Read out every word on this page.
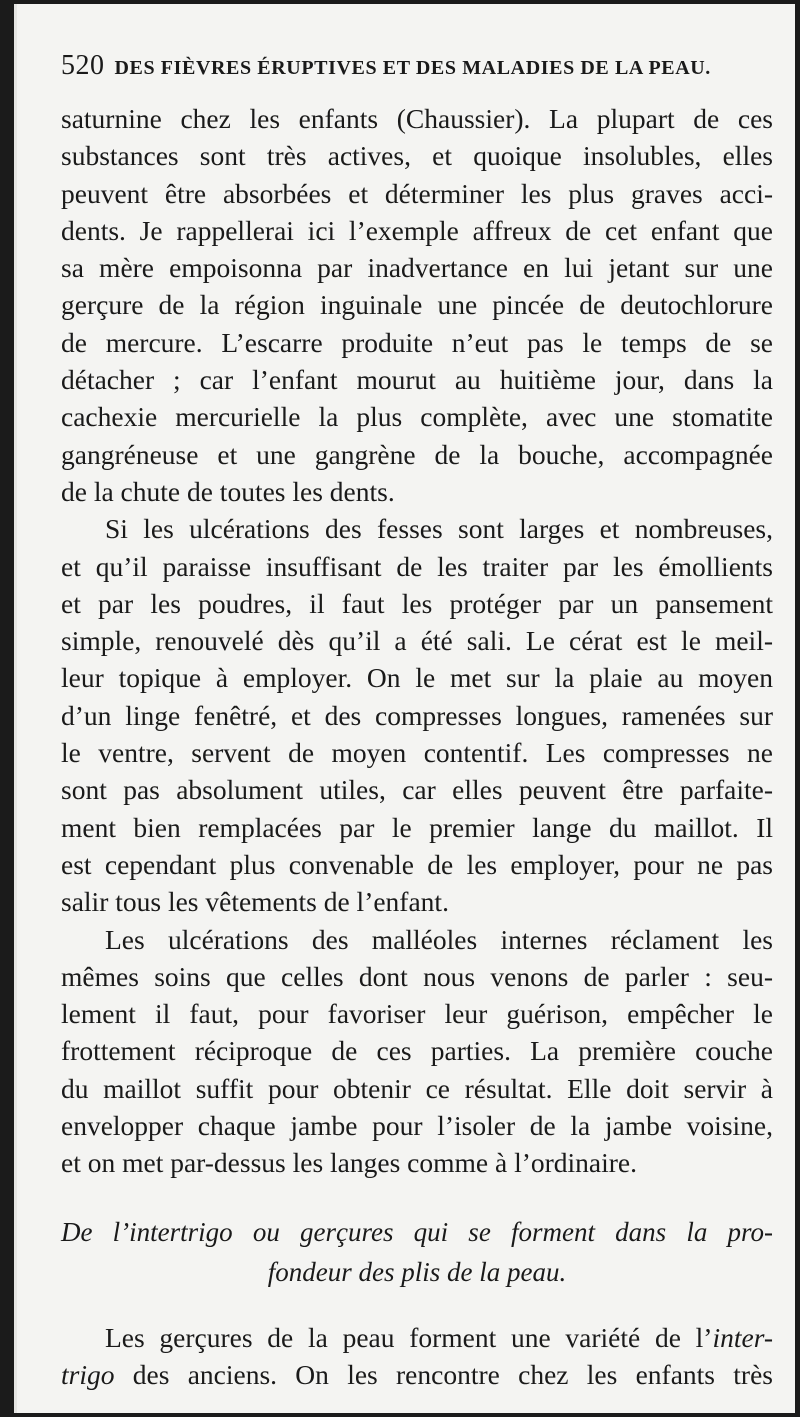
520 DES FIÈVRES ÉRUPTIVES ET DES MALADIES DE LA PEAU.
saturnine chez les enfants (Chaussier). La plupart de ces
substances sont très actives, et quoique insolubles, elles
peuvent être absorbées et déterminer les plus graves acci-
dents. Je rappellerai ici l’exemple affreux de cet enfant que
sa mère empoisonna par inadvertance en lui jetant sur une
gerçure de la région inguinale une pincée de deutochlorure
de mercure. L’escarre produite n’eut pas le temps de se
détacher ; car l’enfant mourut au huitième jour, dans la
cachexie mercurielle la plus complète, avec une stomatite
gangréneuse et une gangrène de la bouche, accompagnée
de la chute de toutes les dents.
Si les ulcérations des fesses sont larges et nombreuses,
et qu’il paraisse insuffisant de les traiter par les émollients
et par les poudres, il faut les protéger par un pansement
simple, renouvelé dès qu’il a été sali. Le cérat est le meil-
leur topique à employer. On le met sur la plaie au moyen
d’un linge fenêtré, et des compresses longues, ramenées sur
le ventre, servent de moyen contentif. Les compresses ne
sont pas absolument utiles, car elles peuvent être parfaite-
ment bien remplacées par le premier lange du maillot. Il
est cependant plus convenable de les employer, pour ne pas
salir tous les vêtements de l’enfant.
Les ulcérations des malléoles internes réclament les
mêmes soins que celles dont nous venons de parler : seu-
lement il faut, pour favoriser leur guérison, empêcher le
frottement réciproque de ces parties. La première couche
du maillot suffit pour obtenir ce résultat. Elle doit servir à
envelopper chaque jambe pour l’isoler de la jambe voisine,
et on met par-dessus les langes comme à l’ordinaire.
De l’intertrigo ou gerçures qui se forment dans la pro-
fondeur des plis de la peau.
Les gerçures de la peau forment une variété de l’inter-
trigo des anciens. On les rencontre chez les enfants très
